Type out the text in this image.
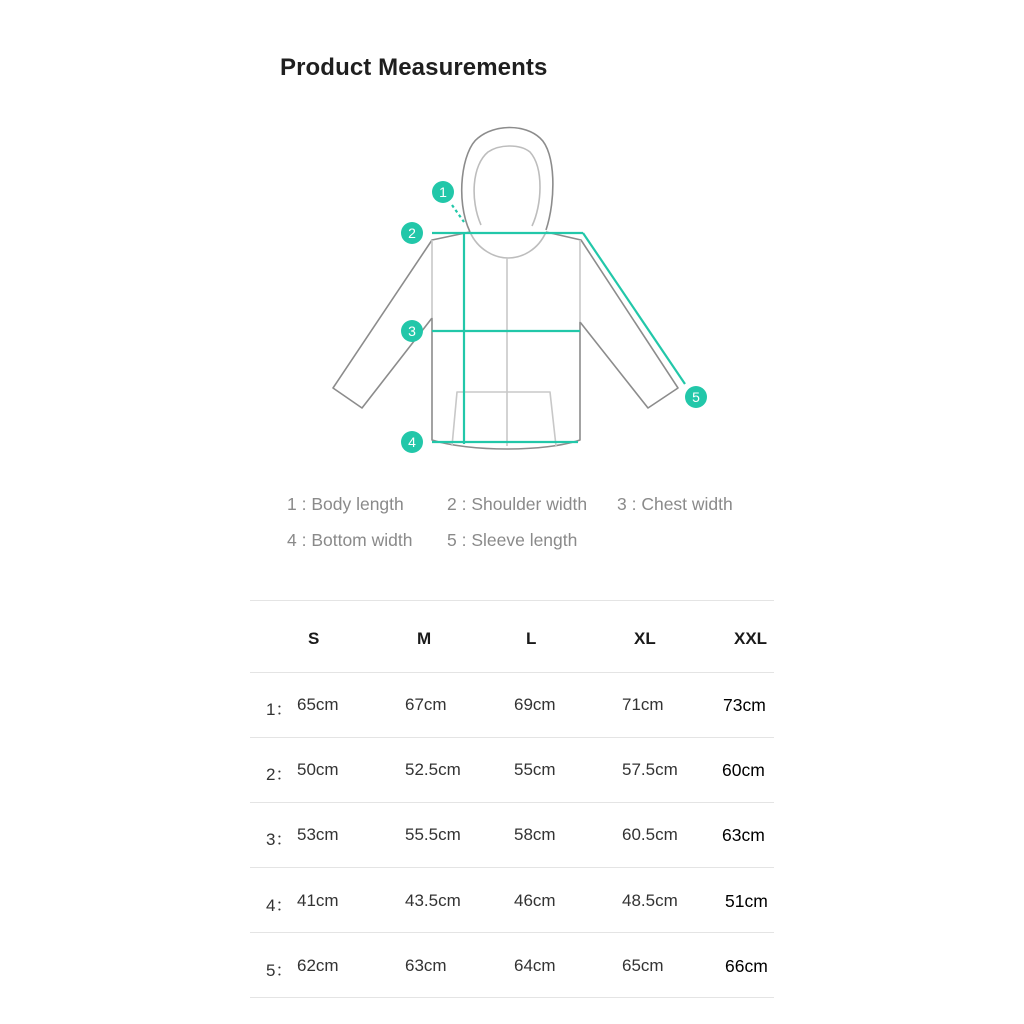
Product Measurements
1
2
3
4
5
1 : Body length 2 : Shoulder width 3 : Chest width
4 : Bottom width 5 : Sleeve length
S	M	L	XL	XXL
1： 65cm	67cm	69cm	71cm	73cm
2： 50cm	52.5cm	55cm	57.5cm	60cm
3： 53cm	55.5cm	58cm	60.5cm	63cm
4： 41cm	43.5cm	46cm	48.5cm	51cm
5： 62cm	63cm	64cm	65cm	66cm
